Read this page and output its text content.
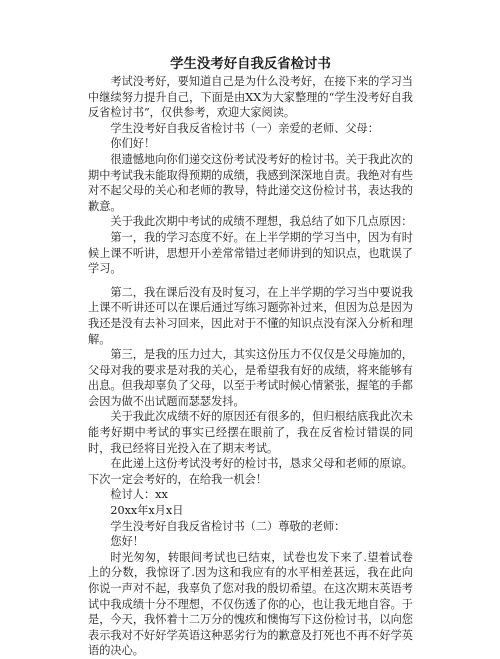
学生没考好自我反省检讨书

考试没考好，要知道自己是为什么没考好，在接下来的学习当中继续努力提升自己，下面是由XX为大家整理的“学生没考好自我反省检讨书”，仅供参考，欢迎大家阅读。

学生没考好自我反省检讨书（一）亲爱的老师、父母：

你们好！

很遗憾地向你们递交这份考试没考好的检讨书。关于我此次的期中考试我未能取得预期的成绩，我感到深深地自责。我绝对有些对不起父母的关心和老师的教导，特此递交这份检讨书，表达我的歉意。

关于我此次期中考试的成绩不理想，我总结了如下几点原因：

第一，我的学习态度不好。在上半学期的学习当中，因为有时候上课不听讲，思想开小差常常错过老师讲到的知识点，也耽误了学习。

第二，我在课后没有及时复习，在上半学期的学习当中要说我上课不听讲还可以在课后通过写练习题弥补过来，但因为总是因为我还是没有去补习回来，因此对于不懂的知识点没有深入分析和理解。

第三，是我的压力过大，其实这份压力不仅仅是父母施加的，父母对我的要求是对我的关心，是希望我有好的成绩，将来能够有出息。但我却辜负了父母，以至于考试时候心情紧张，握笔的手都会因为做不出试题而瑟瑟发抖。

关于我此次成绩不好的原因还有很多的，但归根结底我此次未能考好期中考试的事实已经摆在眼前了，我在反省检讨错误的同时，我已经将目光投入在了期末考试。

在此递上这份考试没考好的检讨书，恳求父母和老师的原谅。下次一定会考好的，在给我一机会！

检讨人：xx

20xx年x月x日

学生没考好自我反省检讨书（二）尊敬的老师：

您好！

时光匆匆，转眼间考试也已结束，试卷也发下来了.望着试卷上的分数，我惊讶了.因为这和我应有的水平相差甚远，我在此向你说一声对不起，我辜负了您对我的殷切希望。在这次期末英语考试中我成绩十分不理想，不仅伤透了你的心，也让我无地自容。于是，今天，我怀着十二万分的愧疚和懊悔写下这份检讨书，以向您表示我对不好好学英语这种恶劣行为的歉意及打死也不再不好学英语的决心。
